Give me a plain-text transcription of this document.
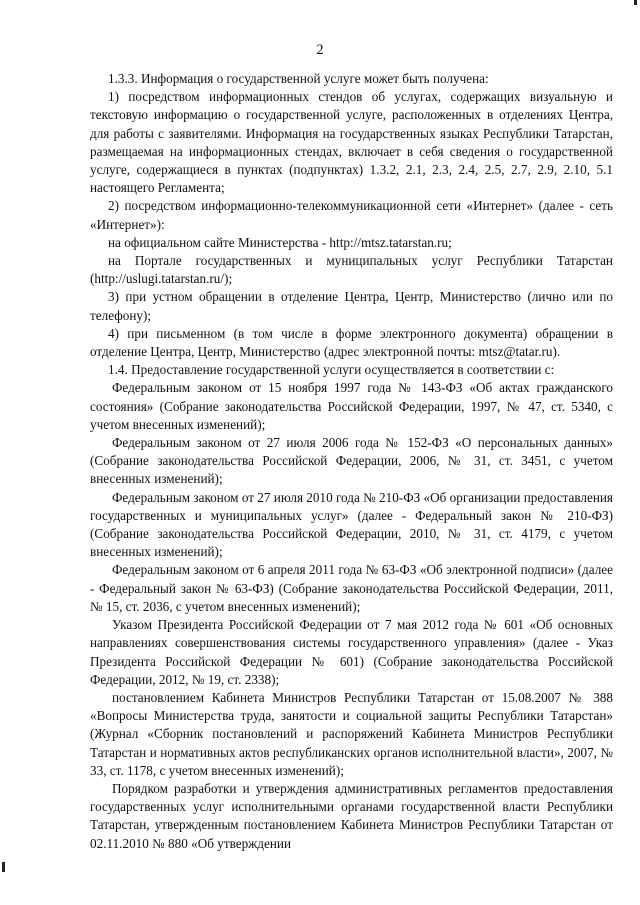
2

1.3.3. Информация о государственной услуге может быть получена:

1) посредством информационных стендов об услугах, содержащих визуальную и текстовую информацию о государственной услуге, расположенных в отделениях Центра, для работы с заявителями. Информация на государственных языках Республики Татарстан, размещаемая на информационных стендах, включает в себя сведения о государственной услуге, содержащиеся в пунктах (подпунктах) 1.3.2, 2.1, 2.3, 2.4, 2.5, 2.7, 2.9, 2.10, 5.1 настоящего Регламента;

2) посредством информационно-телекоммуникационной сети «Интернет» (далее - сеть «Интернет»):

на официальном сайте Министерства - http://mtsz.tatarstan.ru;

на Портале государственных и муниципальных услуг Республики Татарстан (http://uslugi.tatarstan.ru/);

3) при устном обращении в отделение Центра, Центр, Министерство (лично или по телефону);

4) при письменном (в том числе в форме электронного документа) обращении в отделение Центра, Центр, Министерство (адрес электронной почты: mtsz@tatar.ru).

1.4. Предоставление государственной услуги осуществляется в соответствии с:

Федеральным законом от 15 ноября 1997 года № 143-ФЗ «Об актах гражданского состояния» (Собрание законодательства Российской Федерации, 1997, № 47, ст. 5340, с учетом внесенных изменений);

Федеральным законом от 27 июля 2006 года № 152-ФЗ «О персональных данных» (Собрание законодательства Российской Федерации, 2006, № 31, ст. 3451, с учетом внесенных изменений);

Федеральным законом от 27 июля 2010 года № 210-ФЗ «Об организации предоставления государственных и муниципальных услуг» (далее - Федеральный закон № 210-ФЗ) (Собрание законодательства Российской Федерации, 2010, № 31, ст. 4179, с учетом внесенных изменений);

Федеральным законом от 6 апреля 2011 года № 63-ФЗ «Об электронной подписи» (далее - Федеральный закон № 63-ФЗ) (Собрание законодательства Российской Федерации, 2011, № 15, ст. 2036, с учетом внесенных изменений);

Указом Президента Российской Федерации от 7 мая 2012 года № 601 «Об основных направлениях совершенствования системы государственного управления» (далее - Указ Президента Российской Федерации № 601) (Собрание законодательства Российской Федерации, 2012, № 19, ст. 2338);

постановлением Кабинета Министров Республики Татарстан от 15.08.2007 № 388 «Вопросы Министерства труда, занятости и социальной защиты Республики Татарстан» (Журнал «Сборник постановлений и распоряжений Кабинета Министров Республики Татарстан и нормативных актов республиканских органов исполнительной власти», 2007, № 33, ст. 1178, с учетом внесенных изменений);

Порядком разработки и утверждения административных регламентов предоставления государственных услуг исполнительными органами государственной власти Республики Татарстан, утвержденным постановлением Кабинета Министров Республики Татарстан от 02.11.2010 № 880 «Об утверждении
